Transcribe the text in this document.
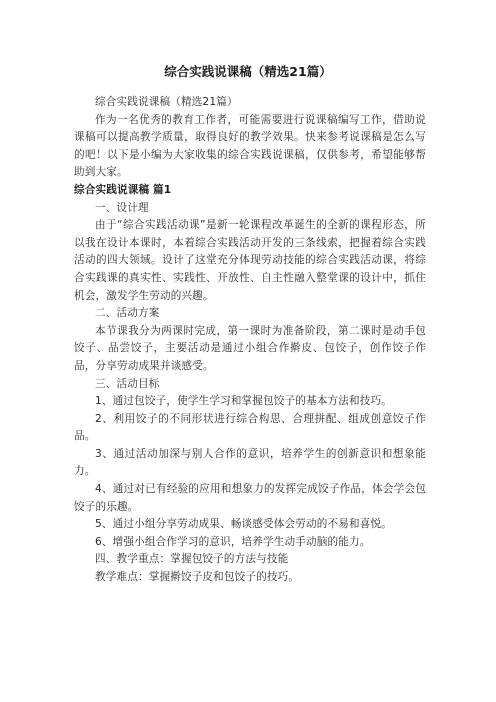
综合实践说课稿（精选21篇）

综合实践说课稿（精选21篇）

作为一名优秀的教育工作者，可能需要进行说课稿编写工作，借助说课稿可以提高教学质量，取得良好的教学效果。快来参考说课稿是怎么写的吧！以下是小编为大家收集的综合实践说课稿，仅供参考，希望能够帮助到大家。

综合实践说课稿 篇1

一、设计理

由于“综合实践活动课”是新一轮课程改革诞生的全新的课程形态，所以我在设计本课时，本着综合实践活动开发的三条线索，把握着综合实践活动的四大领域。设计了这堂充分体现劳动技能的综合实践活动课，将综合实践课的真实性、实践性、开放性、自主性融入整堂课的设计中，抓住机会，激发学生劳动的兴趣。

二、活动方案

本节课我分为两课时完成，第一课时为准备阶段，第二课时是动手包饺子、品尝饺子，主要活动是通过小组合作擀皮、包饺子，创作饺子作品，分享劳动成果并谈感受。

三、活动目标

1、通过包饺子，使学生学习和掌握包饺子的基本方法和技巧。

2、利用饺子的不同形状进行综合构思、合理拼配、组成创意饺子作品。

3、通过活动加深与别人合作的意识，培养学生的创新意识和想象能力。

4、通过对已有经验的应用和想象力的发挥完成饺子作品，体会学会包饺子的乐趣。

5、通过小组分享劳动成果、畅谈感受体会劳动的不易和喜悦。

6、增强小组合作学习的意识，培养学生动手动脑的能力。

四、教学重点：掌握包饺子的方法与技能

教学难点：掌握擀饺子皮和包饺子的技巧。
